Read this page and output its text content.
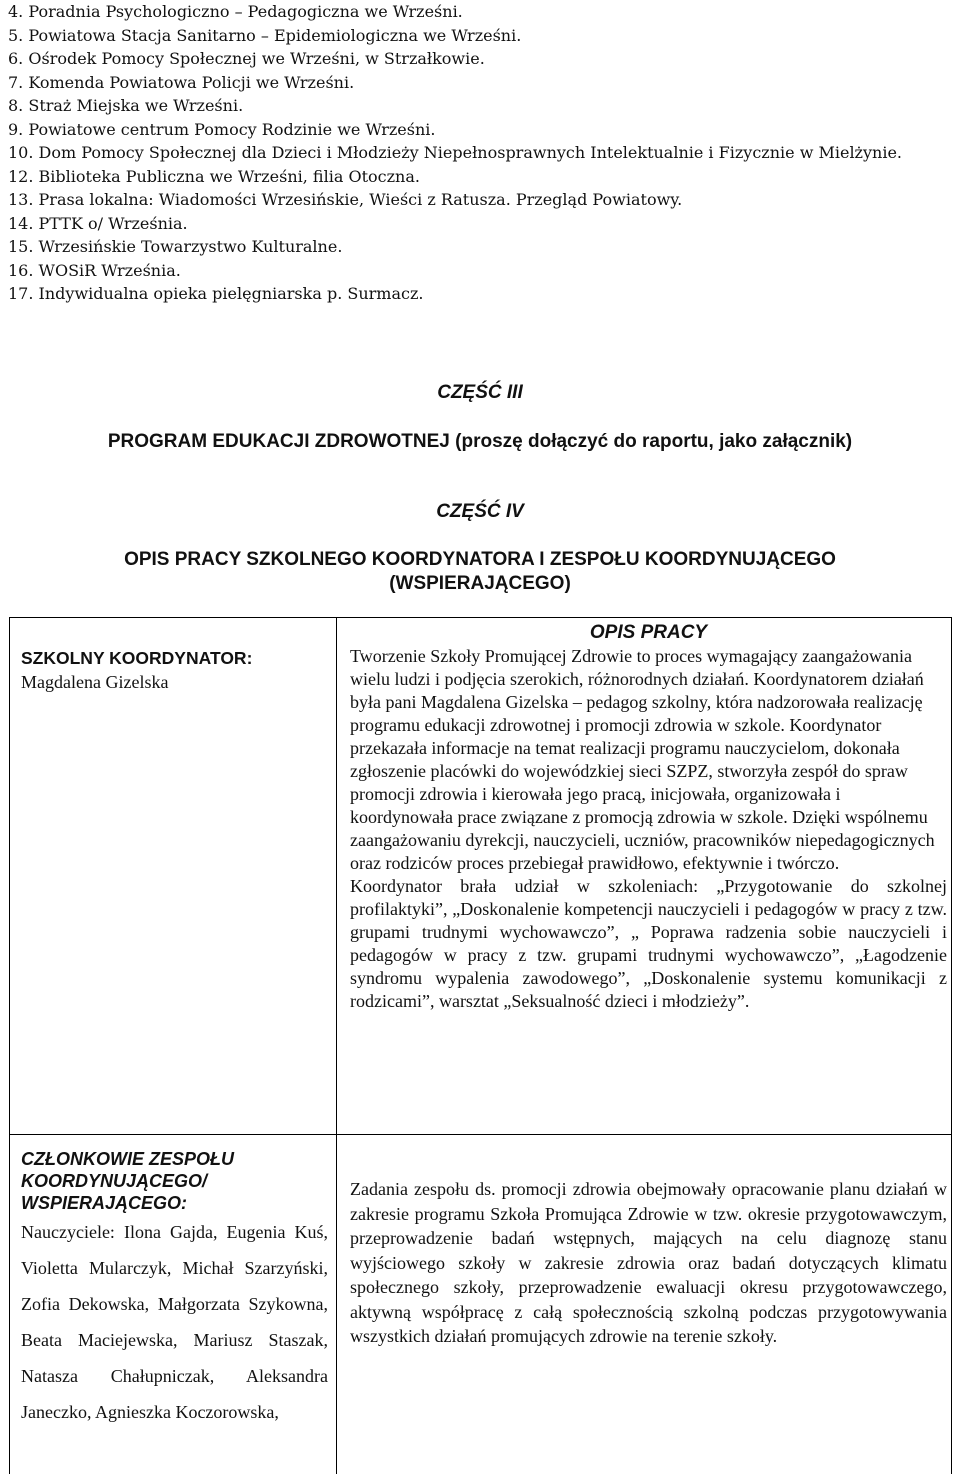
4. Poradnia Psychologiczno – Pedagogiczna we Wrześni.
5. Powiatowa Stacja Sanitarno – Epidemiologiczna we Wrześni.
6. Ośrodek Pomocy Społecznej we Wrześni, w Strzałkowie.
7. Komenda Powiatowa Policji we Wrześni.
8. Straż Miejska we Wrześni.
9. Powiatowe centrum Pomocy Rodzinie we Wrześni.
10. Dom Pomocy Społecznej dla Dzieci i Młodzieży Niepełnosprawnych Intelektualnie i Fizycznie w Mielżynie.
12. Biblioteka Publiczna we Wrześni, filia Otoczna.
13. Prasa lokalna: Wiadomości Wrzesińskie, Wieści z Ratusza. Przegląd Powiatowy.
14. PTTK o/ Września.
15. Wrzesińskie Towarzystwo Kulturalne.
16. WOSiR Września.
17. Indywidualna opieka pielęgniarska p. Surmacz.
CZĘŚĆ III
PROGRAM EDUKACJI ZDROWOTNEJ (proszę dołączyć do raportu, jako załącznik)
CZĘŚĆ IV
OPIS PRACY SZKOLNEGO KOORDYNATORA I ZESPOŁU KOORDYNUJĄCEGO
(WSPIERAJĄCEGO)
SZKOLNY KOORDYNATOR:
Magdalena Gizelska
OPIS PRACY
Tworzenie Szkoły Promującej Zdrowie to proces wymagający zaangażowania wielu ludzi i podjęcia szerokich, różnorodnych działań. Koordynatorem działań była pani Magdalena Gizelska – pedagog szkolny, która nadzorowała realizację programu edukacji zdrowotnej i promocji zdrowia w szkole. Koordynator przekazała informacje na temat realizacji programu nauczycielom, dokonała zgłoszenie placówki do wojewódzkiej sieci SZPZ, stworzyła zespół do spraw promocji zdrowia i kierowała jego pracą, inicjowała, organizowała i koordynowała prace związane z promocją zdrowia w szkole. Dzięki wspólnemu zaangażowaniu dyrekcji, nauczycieli, uczniów, pracowników niepedagogicznych oraz rodziców proces przebiegał prawidłowo, efektywnie i twórczo.
Koordynator brała udział w szkoleniach: „Przygotowanie do szkolnej profilaktyki”, „Doskonalenie kompetencji nauczycieli i pedagogów w pracy z tzw. grupami trudnymi wychowawczo”, „ Poprawa radzenia sobie nauczycieli i pedagogów w pracy z tzw. grupami trudnymi wychowawczo”, „Łagodzenie syndromu wypalenia zawodowego”, „Doskonalenie systemu komunikacji z rodzicami”, warsztat „Seksualność dzieci i młodzieży”.
CZŁONKOWIE ZESPOŁU KOORDYNUJĄCEGO/ WSPIERAJĄCEGO:
Nauczyciele: Ilona Gajda, Eugenia Kuś, Violetta Mularczyk, Michał Szarzyński, Zofia Dekowska, Małgorzata Szykowna, Beata Maciejewska, Mariusz Staszak, Natasza Chałupniczak, Aleksandra Janeczko, Agnieszka Koczorowska,
Zadania zespołu ds. promocji zdrowia obejmowały opracowanie planu działań w zakresie programu Szkoła Promująca Zdrowie w tzw. okresie przygotowawczym, przeprowadzenie badań wstępnych, mających na celu diagnozę stanu wyjściowego szkoły w zakresie zdrowia oraz badań dotyczących klimatu społecznego szkoły, przeprowadzenie ewaluacji okresu przygotowawczego, aktywną współpracę z całą społecznością szkolną podczas przygotowywania wszystkich działań promujących zdrowie na terenie szkoły.
